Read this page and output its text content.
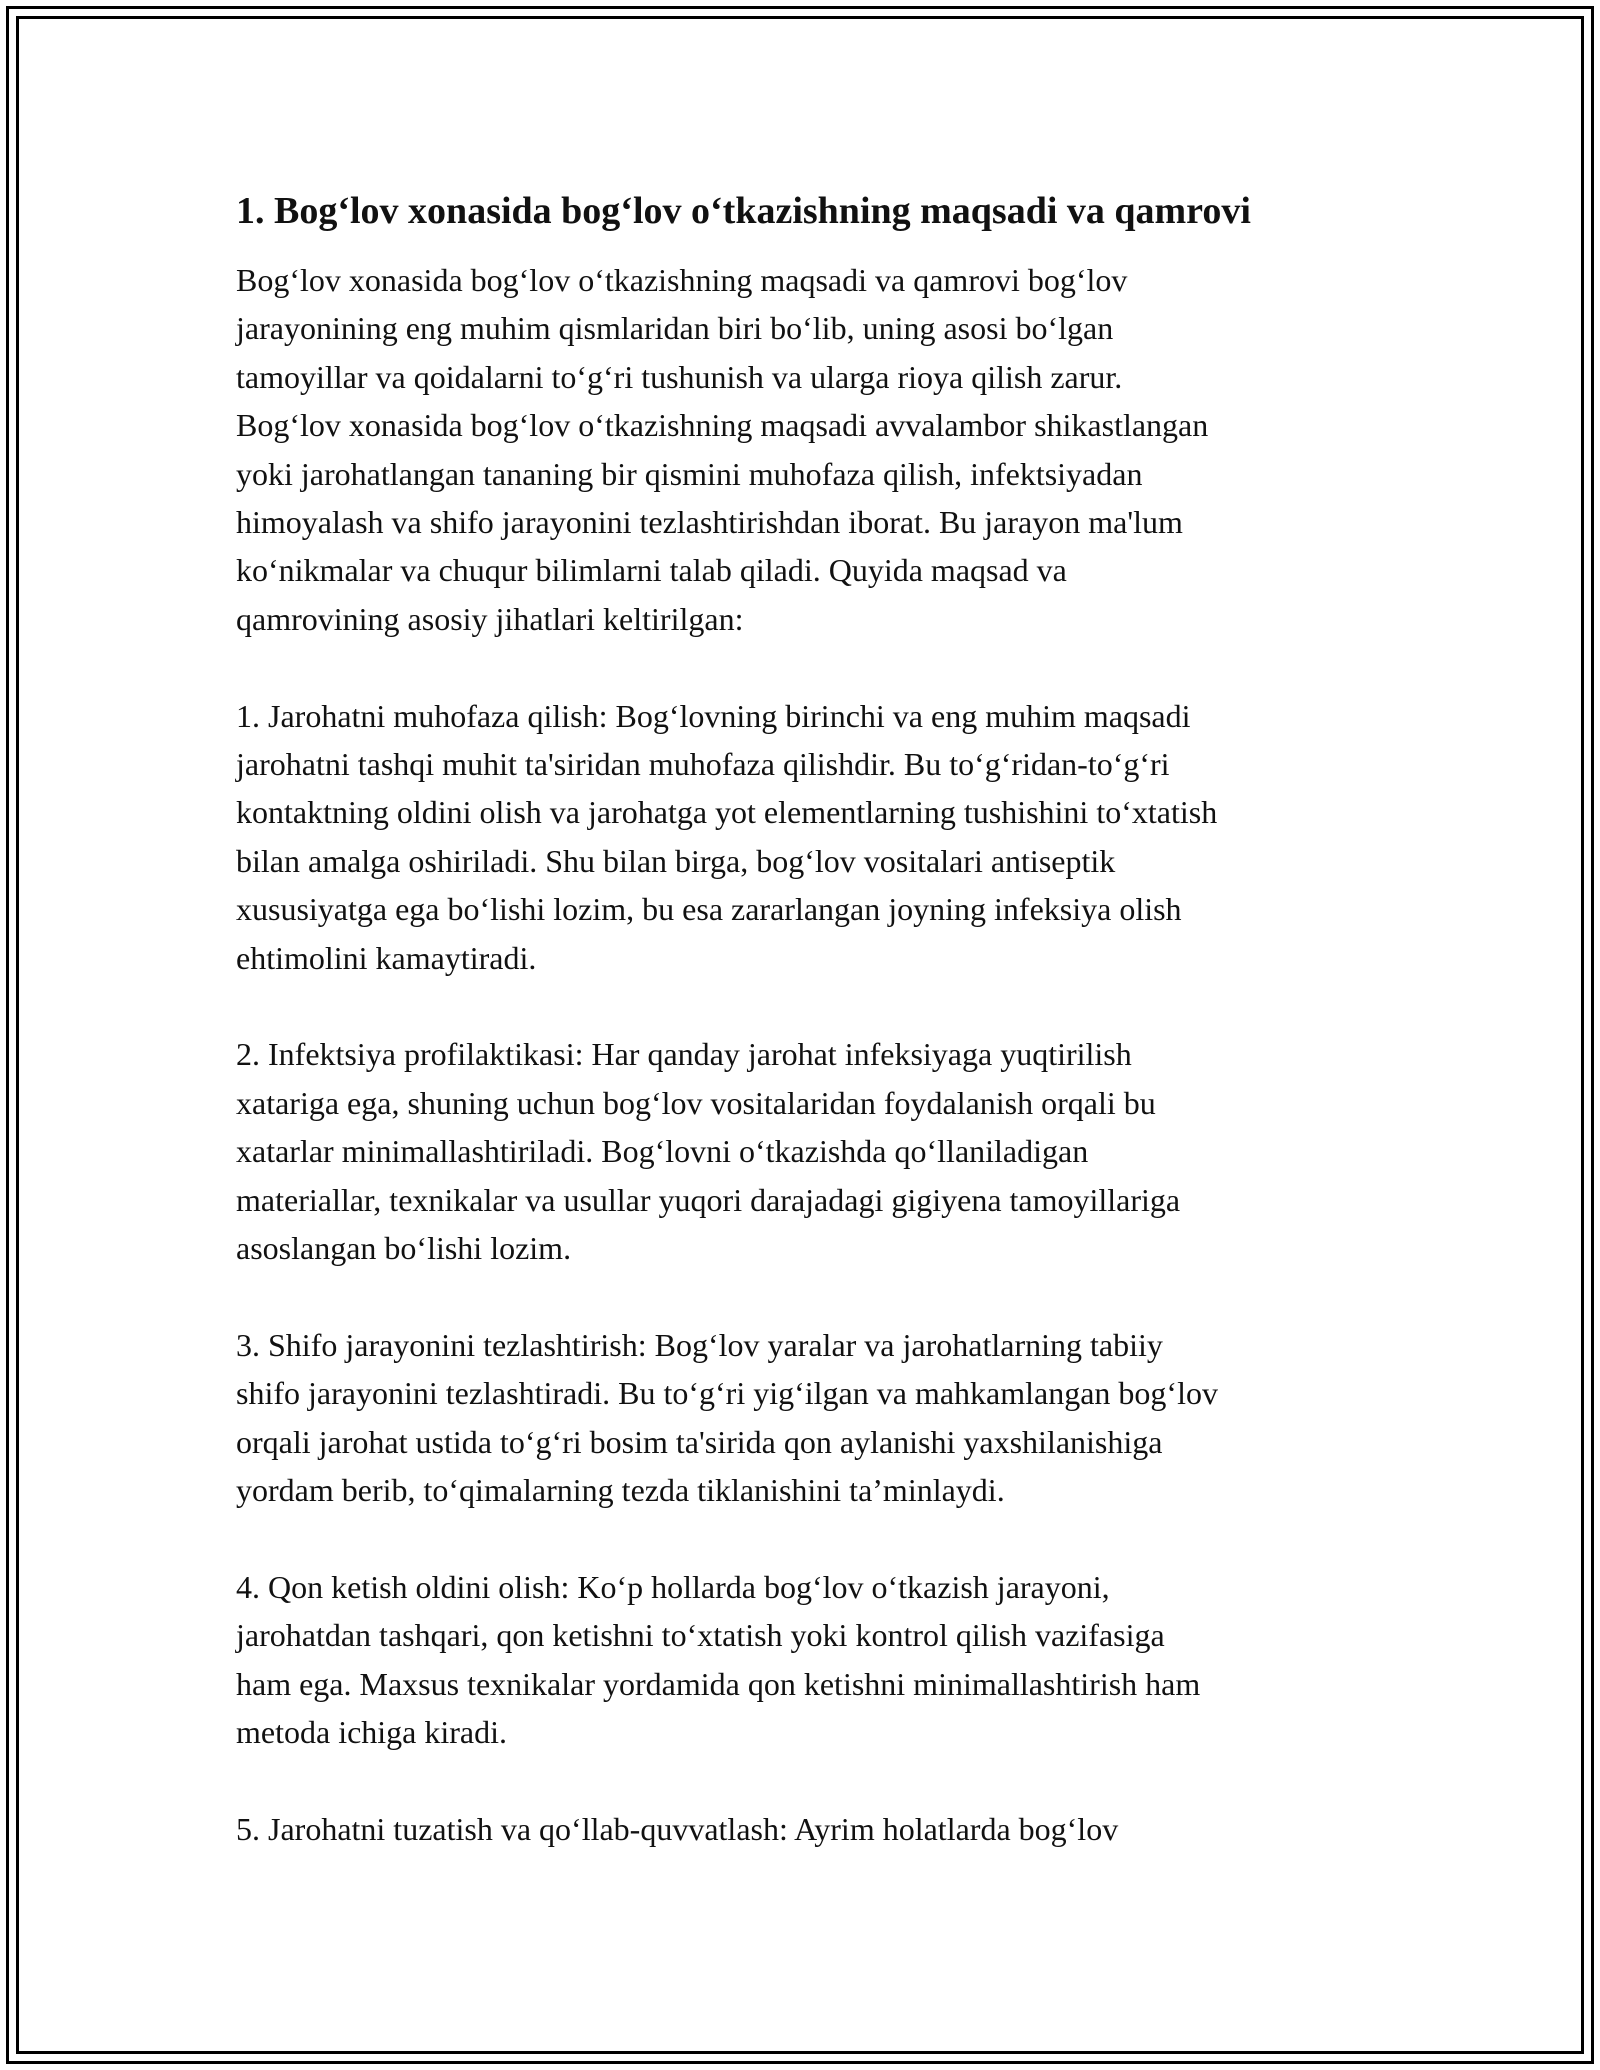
1. Bog‘lov xonasida bog‘lov o‘tkazishning maqsadi va qamrovi

Bog‘lov xonasida bog‘lov o‘tkazishning maqsadi va qamrovi bog‘lov

jarayonining eng muhim qismlaridan biri bo‘lib, uning asosi bo‘lgan

tamoyillar va qoidalarni to‘g‘ri tushunish va ularga rioya qilish zarur.

Bog‘lov xonasida bog‘lov o‘tkazishning maqsadi avvalambor shikastlangan

yoki jarohatlangan tananing bir qismini muhofaza qilish, infektsiyadan

himoyalash va shifo jarayonini tezlashtirishdan iborat. Bu jarayon ma'lum

ko‘nikmalar va chuqur bilimlarni talab qiladi. Quyida maqsad va

qamrovining asosiy jihatlari keltirilgan:

1. Jarohatni muhofaza qilish: Bog‘lovning birinchi va eng muhim maqsadi

jarohatni tashqi muhit ta'siridan muhofaza qilishdir. Bu to‘g‘ridan-to‘g‘ri

kontaktning oldini olish va jarohatga yot elementlarning tushishini to‘xtatish

bilan amalga oshiriladi. Shu bilan birga, bog‘lov vositalari antiseptik

xususiyatga ega bo‘lishi lozim, bu esa zararlangan joyning infeksiya olish

ehtimolini kamaytiradi.

2. Infektsiya profilaktikasi: Har qanday jarohat infeksiyaga yuqtirilish

xatariga ega, shuning uchun bog‘lov vositalaridan foydalanish orqali bu

xatarlar minimallashtiriladi. Bog‘lovni o‘tkazishda qo‘llaniladigan

materiallar, texnikalar va usullar yuqori darajadagi gigiyena tamoyillariga

asoslangan bo‘lishi lozim.

3. Shifo jarayonini tezlashtirish: Bog‘lov yaralar va jarohatlarning tabiiy

shifo jarayonini tezlashtiradi. Bu to‘g‘ri yig‘ilgan va mahkamlangan bog‘lov

orqali jarohat ustida to‘g‘ri bosim ta'sirida qon aylanishi yaxshilanishiga

yordam berib, to‘qimalarning tezda tiklanishini ta’minlaydi.

4. Qon ketish oldini olish: Ko‘p hollarda bog‘lov o‘tkazish jarayoni,

jarohatdan tashqari, qon ketishni to‘xtatish yoki kontrol qilish vazifasiga

ham ega. Maxsus texnikalar yordamida qon ketishni minimallashtirish ham

metoda ichiga kiradi.

5. Jarohatni tuzatish va qo‘llab-quvvatlash: Ayrim holatlarda bog‘lov
